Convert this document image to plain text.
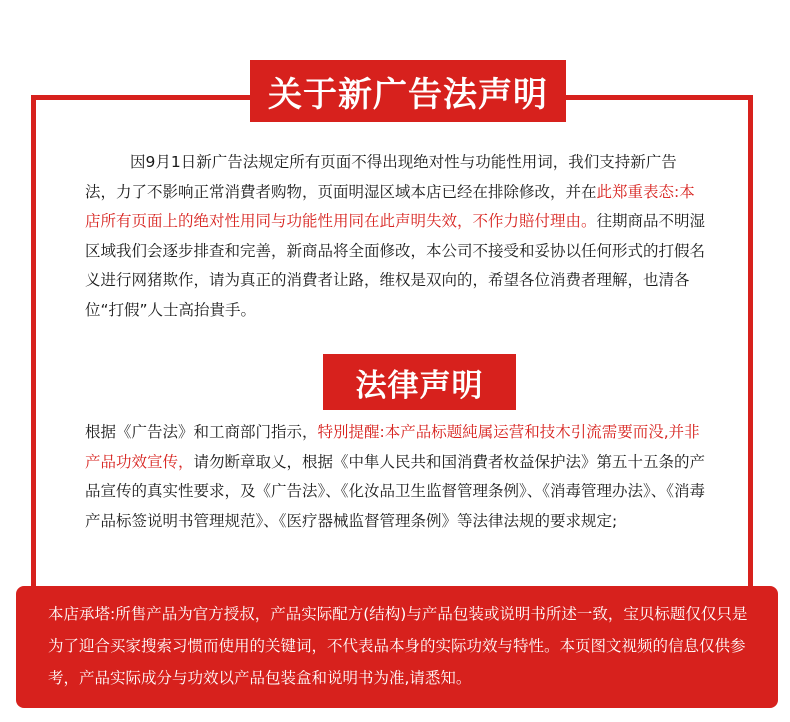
关于新广告法声明
因9月1日新广告法规定所有页面不得出现绝对性与功能性用词，我们支持新广告法，力了不影响正常消費者购物，页面明湿区域本店已经在排除修改，并在此郑重表态:本店所有页面上的绝对性用同与功能性用同在此声明失效，不作力賠付理由。往期商品不明湿区域我们会逐步排查和完善，新商品将全面修改，本公司不接受和妥协以任何形式的打假名义进行网猪欺作，请为真正的消費者让路，维权是双向的，希望各位消费者理解，也清各位“打假”人士高抬貴手。
法律声明
根据《广告法》和工商部门指示，特別提醒:本产品标题純属运营和技木引流需要而没,并非产品功效宣传，请勿断章取乂，根据《中隼人民共和国消費者枚益保护法》第五十五条的产品宣传的真实性要求，及《广告法》、《化汝品卫生监督管理条例》、《消毒管理办法》、《消毒产品标签说明书管理规范》、《医疗器械监督管理条例》等法律法规的要求规定;
本店承塔:所售产品为官方授叔，产品实际配方(结构)与产品包装或说明书所述一致，宝贝标题仅仅只是为了迎合买家搜索习惯而使用的关键词，不代表品本身的实际功效与特性。本页图文视频的信息仅供参考，产品实际成分与功效以产品包装盒和说明书为准,请悉知。
